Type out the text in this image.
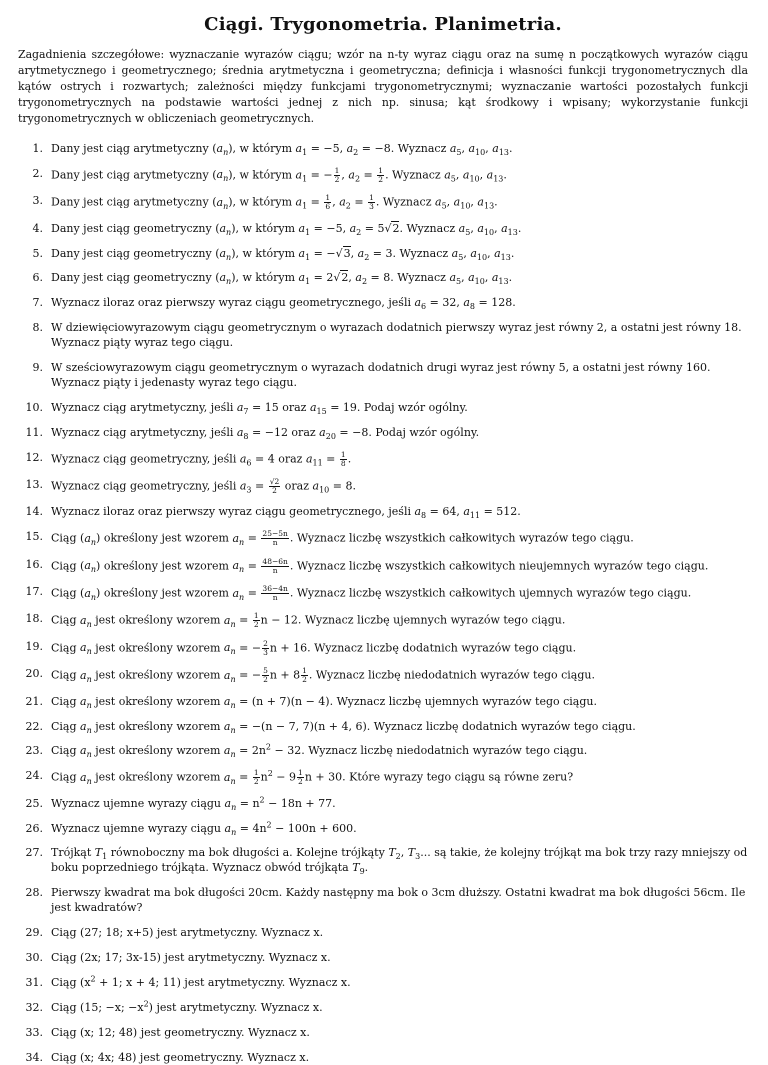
Ciągi. Trygonometria. Planimetria.

Zagadnienia szczegółowe: wyznaczanie wyrazów ciągu; wzór na n-ty wyraz ciągu oraz na sumę n początkowych wyrazów ciągu arytmetycznego i geometrycznego; średnia arytmetyczna i geometryczna; definicja i własności funkcji trygonometrycznych dla kątów ostrych i rozwartych; zależności między funkcjami trygonometrycznymi; wyznaczanie wartości pozostałych funkcji trygonometrycznych na podstawie wartości jednej z nich np. sinusa; kąt środkowy i wpisany; wykorzystanie funkcji trygonometrycznych w obliczeniach geometrycznych.

1. Dany jest ciąg arytmetyczny $(a_n)$, w którym $a_1 = -5$, $a_2 = -8$. Wyznacz $a_5$, $a_{10}$, $a_{13}$.
2. Dany jest ciąg arytmetyczny $(a_n)$, w którym $a_1$ = − $\frac{1}{2}$ , $a_2 = \frac{1}{2}$ . Wyznacz $a_5$, $a_{10}$, $a_{13}$.
3. Dany jest ciąg arytmetyczny $(a_n)$, w którym $a_1 = \frac{1}{6}$ , $a_2 = \frac{1}{3}$ . Wyznacz $a_5$, $a_{10}$, $a_{13}$.
4. Dany jest ciąg geometryczny $(a_n)$, w którym $a_1 = -5$, $a_2 = 5√2$. Wyznacz $a_5$, $a_{10}$, $a_{13}$.
5. Dany jest ciąg geometryczny $(a_n)$, w którym $a_1 = -√3$, $a_2 = 3$. Wyznacz $a_5$, $a_{10}$, $a_{13}$.
6. Dany jest ciąg geometryczny $(a_n)$, w którym $a_1 = 2√2$, $a_2 = 8$. Wyznacz $a_5$, $a_{10}$, $a_{13}$.
7. Wyznacz iloraz oraz pierwszy wyraz ciągu geometrycznego, jeśli $a_6 = 32$, $a_8 = 128$.
8. W dziewięciowyrazowym ciągu geometrycznym o wyrazach dodatnich pierwszy wyraz jest równy 2, a ostatni jest równy 18. Wyznacz piąty wyraz tego ciągu.
9. W sześciowyrazowym ciągu geometrycznym o wyrazach dodatnich drugi wyraz jest równy 5, a ostatni jest równy 160. Wyznacz piąty i jedenasty wyraz tego ciągu.
10. Wyznacz ciąg arytmetyczny, jeśli $a_7 = 15$ oraz $a_{15} = 19$. Podaj wzór ogólny.
11. Wyznacz ciąg arytmetyczny, jeśli $a_8 = -12$ oraz $a_{20} = -8$. Podaj wzór ogólny.
12. Wyznacz ciąg geometryczny, jeśli $a_6 = 4$ oraz $a_{11} = \frac{1}{8}$ .
13. Wyznacz ciąg geometryczny, jeśli $a_3 = \frac{√2}{2}$ oraz $a_{10} = 8$.
14. Wyznacz iloraz oraz pierwszy wyraz ciągu geometrycznego, jeśli $a_8 = 64$, $a_{11} = 512$.
15. Ciąg $(a_n)$ określony jest wzorem $a_n = \frac{25-5n}{n}$ . Wyznacz liczbę wszystkich całkowitych wyrazów tego ciągu.
16. Ciąg $(a_n)$ określony jest wzorem $a_n = \frac{48-6n}{n}$ . Wyznacz liczbę wszystkich całkowitych nieujemnych wyrazów tego ciągu.
17. Ciąg $(a_n)$ określony jest wzorem $a_n = \frac{36-4n}{n}$ . Wyznacz liczbę wszystkich całkowitych ujemnych wyrazów tego ciągu.
18. Ciąg $a_n$ jest określony wzorem $a_n = \frac{1}{2}$ n − 12. Wyznacz liczbę ujemnych wyrazów tego ciągu.
19. Ciąg $a_n$ jest określony wzorem $a_n$ = − $\frac{2}{3}$ n + 16. Wyznacz liczbę dodatnich wyrazów tego ciągu.
20. Ciąg $a_n$ jest określony wzorem $a_n$ = − $\frac{5}{2}$ $n + 8 \frac{1}{2}$ . Wyznacz liczbę niedodatnich wyrazów tego ciągu.
21. Ciąg $a_n$ jest określony wzorem $a_n = (n + 7)(n - 4)$. Wyznacz liczbę ujemnych wyrazów tego ciągu.
22. Ciąg $a_n$ jest określony wzorem $a_n = -(n - 7$, 7)(n + 4, 6). Wyznacz liczbę dodatnich wyrazów tego ciągu.
23. Ciąg $a_n$ jest określony wzorem $a_n = 2n^2 - 32$. Wyznacz liczbę niedodatnich wyrazów tego ciągu.
24. Ciąg $a_n$ jest określony wzorem $a_n = \frac{1}{2} n^2 - 9 \frac{1}{2}$ n + 30. Które wyrazy tego ciągu są równe zeru?
25. Wyznacz ujemne wyrazy ciągu $a_n = n^2 - 18n + 77$.
26. Wyznacz ujemne wyrazy ciągu $a_n = 4n^2 - 100n + 600$.
27. Trójkąt $T_1$ równoboczny ma bok długości a. Kolejne trójkąty $T_2$, $T_3$... są takie, że kolejny trójkąt ma bok trzy razy mniejszy od boku poprzedniego trójkąta. Wyznacz obwód trójkąta $T_9$.
28. Pierwszy kwadrat ma bok długości 20cm. Każdy następny ma bok o 3cm dłuższy. Ostatni kwadrat ma bok długości 56cm. Ile jest kwadratów?
29. Ciąg (27; 18; x+5) jest arytmetyczny. Wyznacz x.
30. Ciąg (2x; 17; 3x-15) jest arytmetyczny. Wyznacz x.
31. Ciąg ($x^2 + 1$; x + 4; 11) jest arytmetyczny. Wyznacz x.
32. Ciąg (15; −x; $-x^2$) jest arytmetyczny. Wyznacz x.
33. Ciąg (x; 12; 48) jest geometryczny. Wyznacz x.
34. Ciąg (x; 4x; 48) jest geometryczny. Wyznacz x.
